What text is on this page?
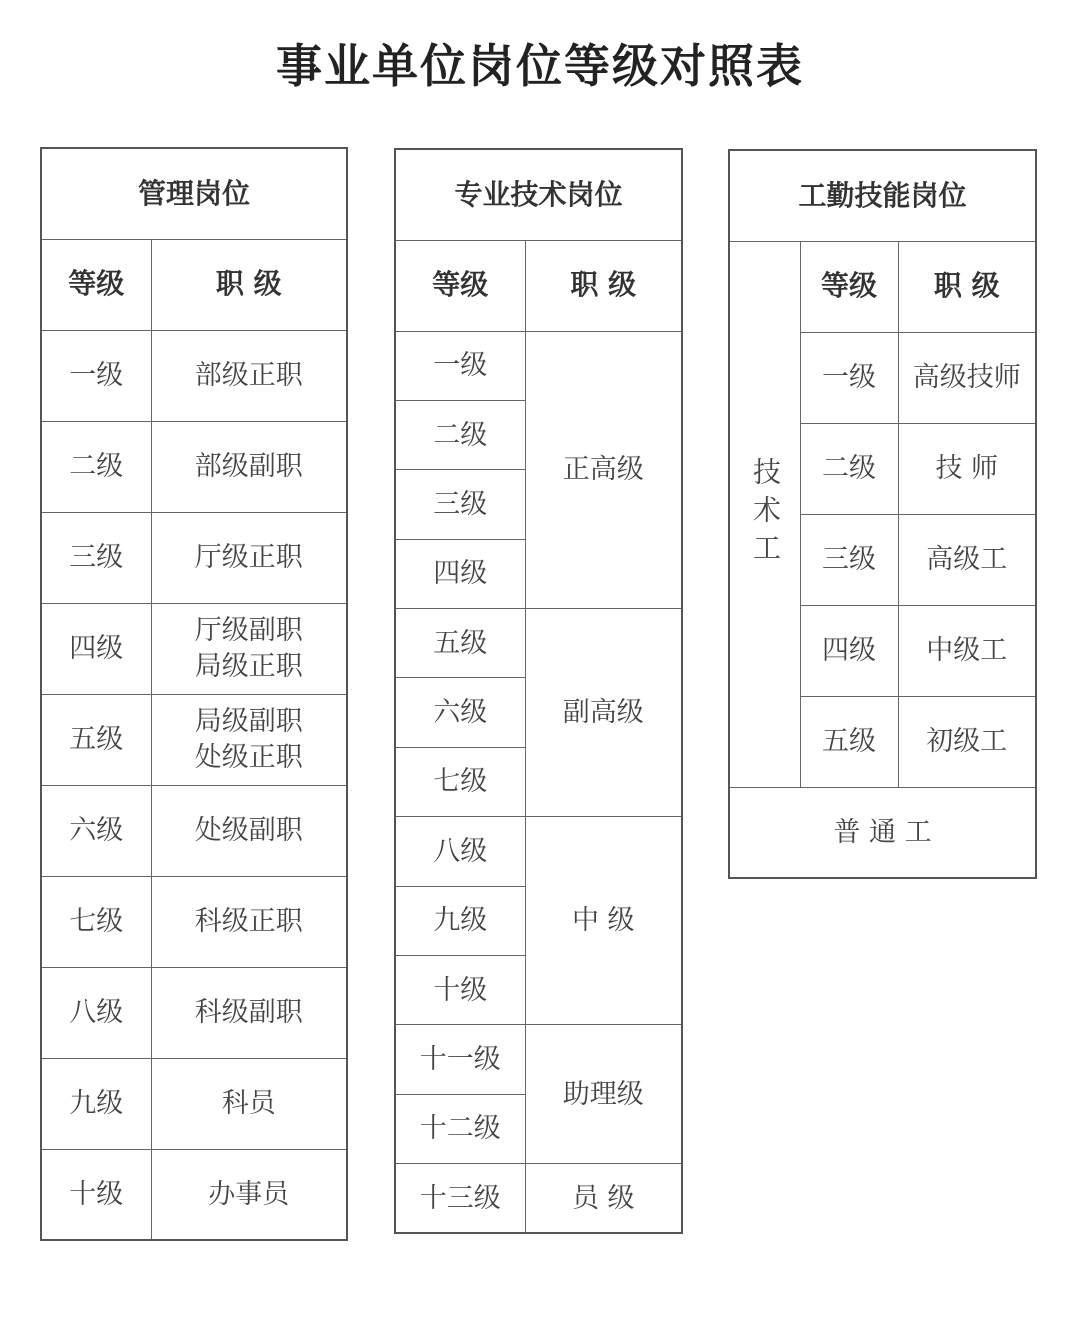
事业单位岗位等级对照表
管理岗位	
等级	职 级
一级	部级正职

二级	部级副职

三级	厅级正职

四级	厅级副职
局级正职

五级	局级副职
处级正职

六级	处级副职

七级	科级正职

八级	科级副职

九级	科员

十级	办事员
专业技术岗位	
等级	职 级
一级	正高级
二级	
三级	
四级	
五级	副高级
六级	
七级	
八级	中 级
九级	
十级	
十一级	助理级
十二级	
十三级	员 级
工勤技能岗位		
技术工	等级	职 级
	一级	高级技师
	二级	技 师
	三级	高级工
	四级	中级工
	五级	初级工
普 通 工		
